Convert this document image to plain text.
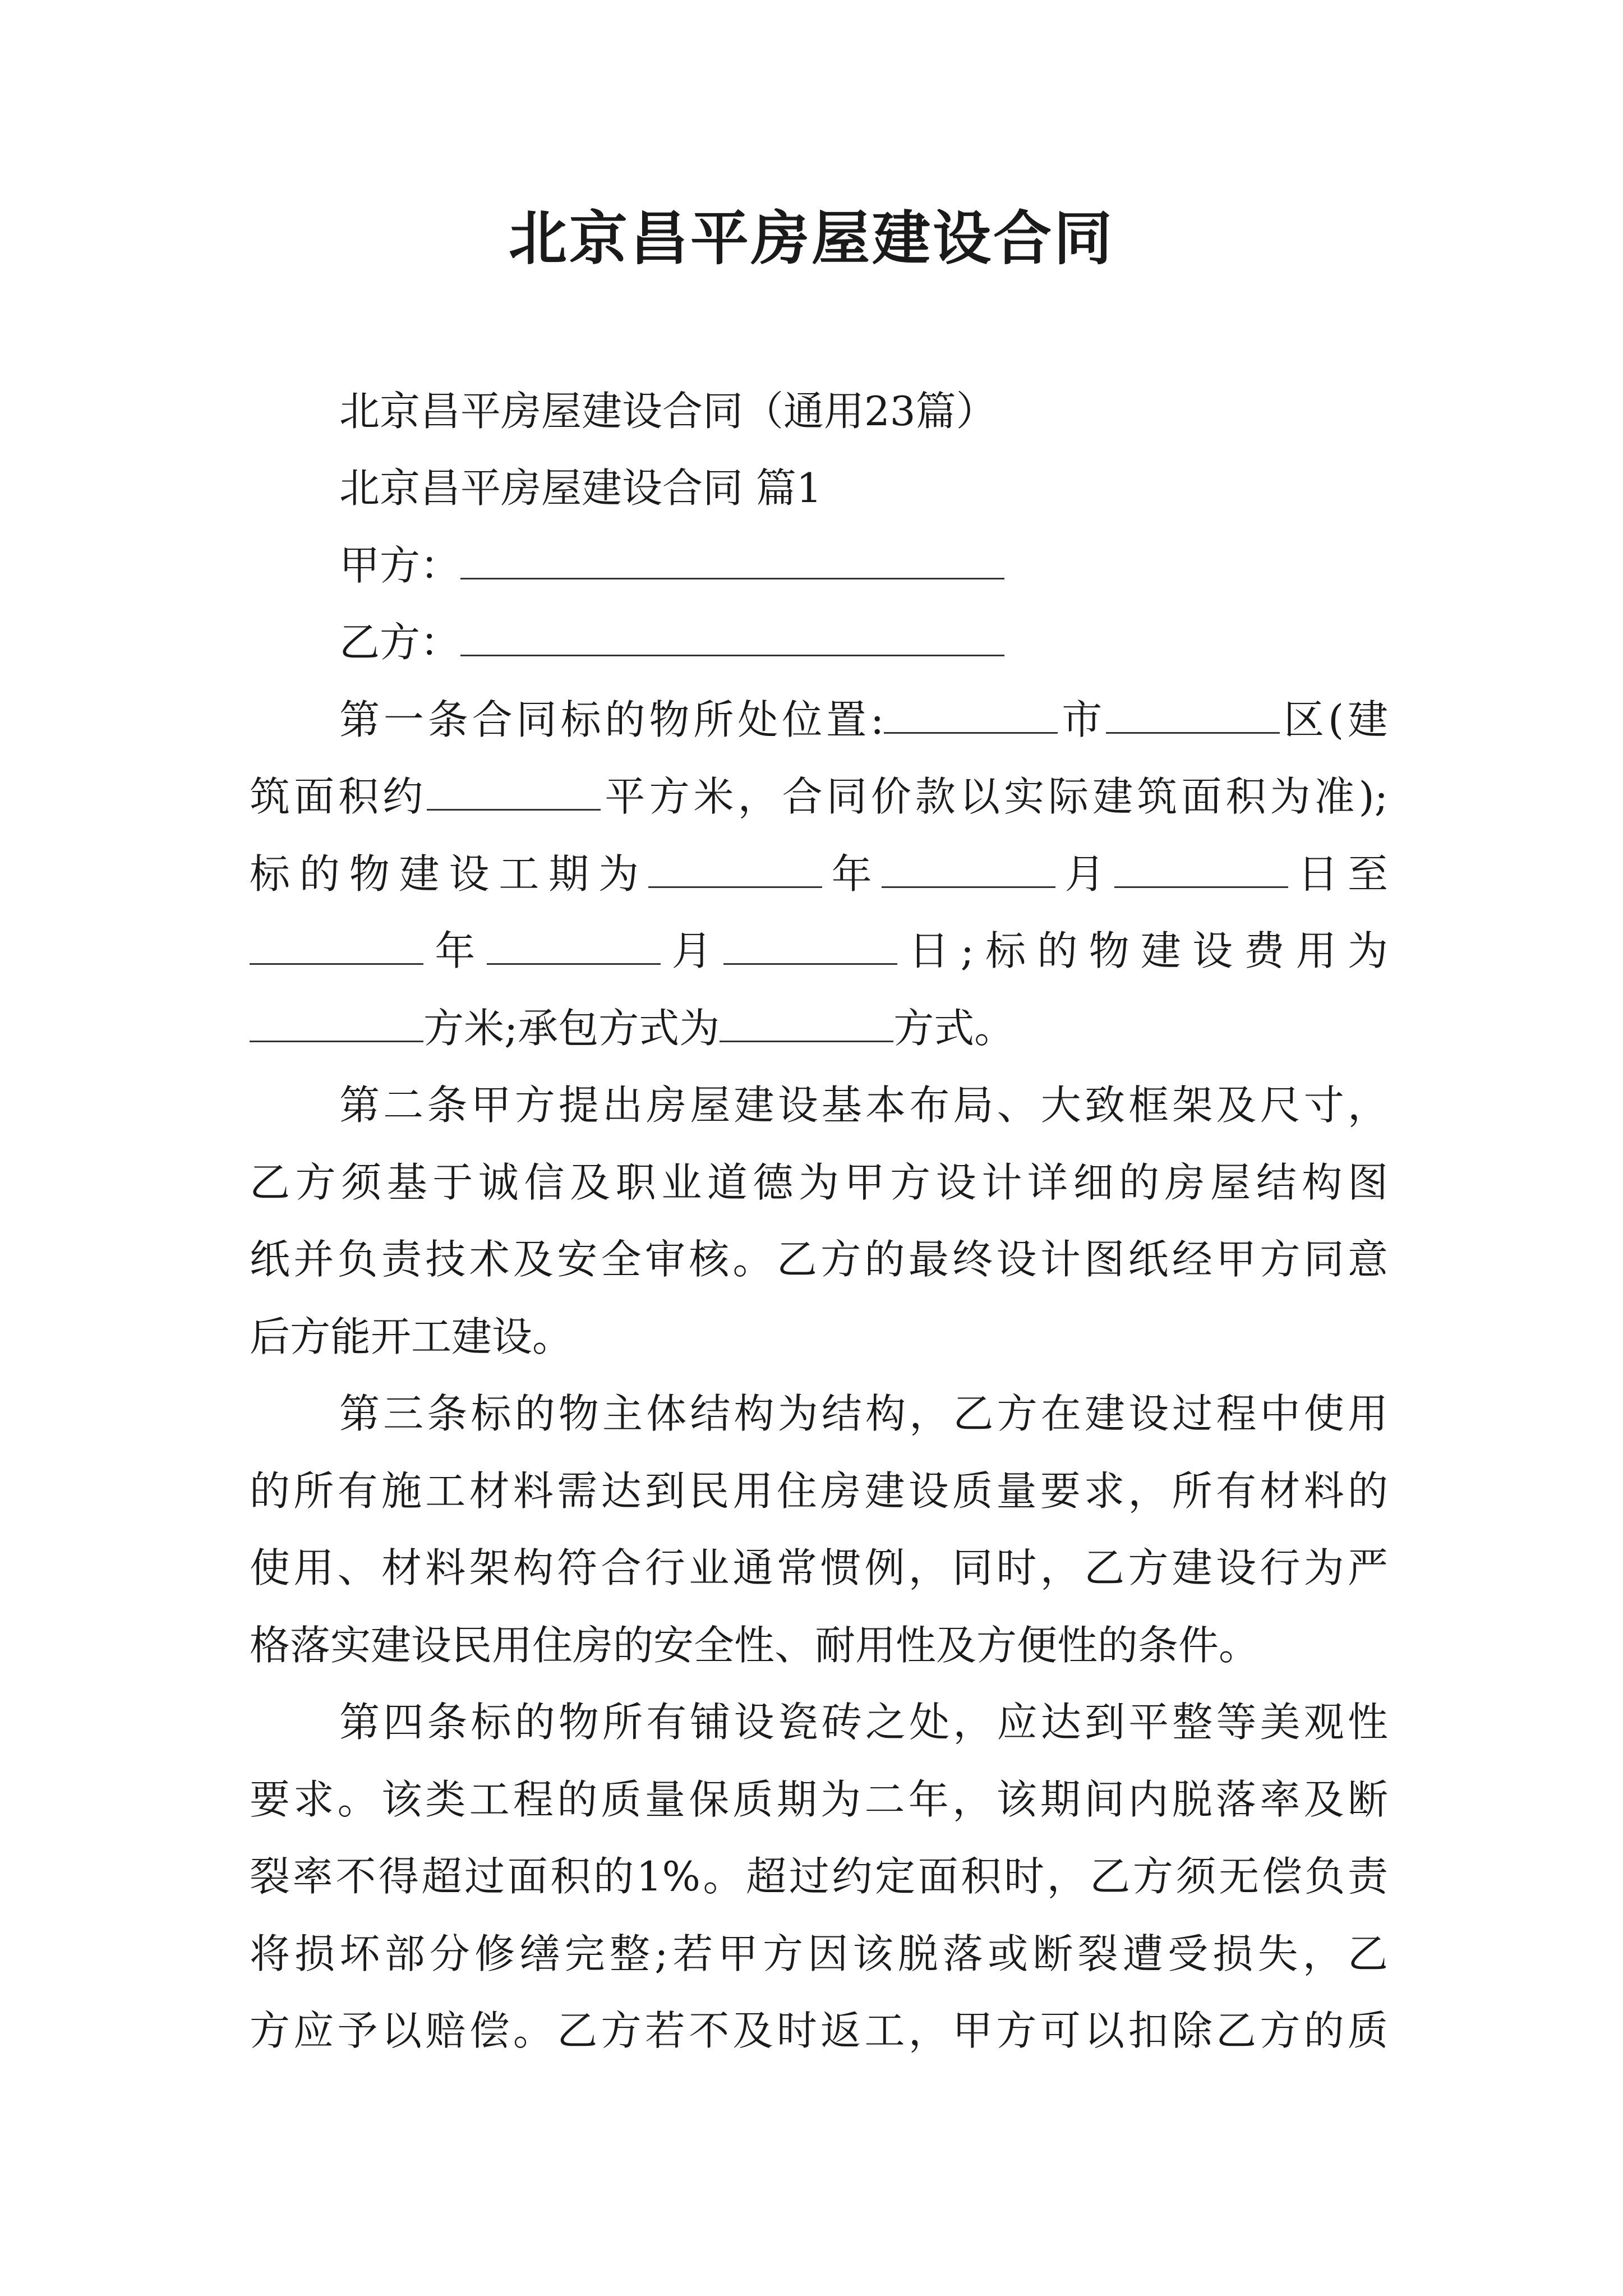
北京昌平房屋建设合同
北京昌平房屋建设合同（通用23篇）
北京昌平房屋建设合同 篇1
甲方：
乙方：
第一条合同标的物所处位置:	市	区(建
筑面积约	平方米，合同价款以实际建筑面积为准);
标的物建设工期为	年	月	日至
年	月	日;标的物建设费用为
方米;承包方式为	方式。
第二条甲方提出房屋建设基本布局、大致框架及尺寸，
乙方须基于诚信及职业道德为甲方设计详细的房屋结构图
纸并负责技术及安全审核。乙方的最终设计图纸经甲方同意
后方能开工建设。
第三条标的物主体结构为结构，乙方在建设过程中使用
的所有施工材料需达到民用住房建设质量要求，所有材料的
使用、材料架构符合行业通常惯例，同时，乙方建设行为严
格落实建设民用住房的安全性、耐用性及方便性的条件。
第四条标的物所有铺设瓷砖之处，应达到平整等美观性
要求。该类工程的质量保质期为二年，该期间内脱落率及断
裂率不得超过面积的1%。超过约定面积时，乙方须无偿负责
将损坏部分修缮完整;若甲方因该脱落或断裂遭受损失，乙
方应予以赔偿。乙方若不及时返工，甲方可以扣除乙方的质
